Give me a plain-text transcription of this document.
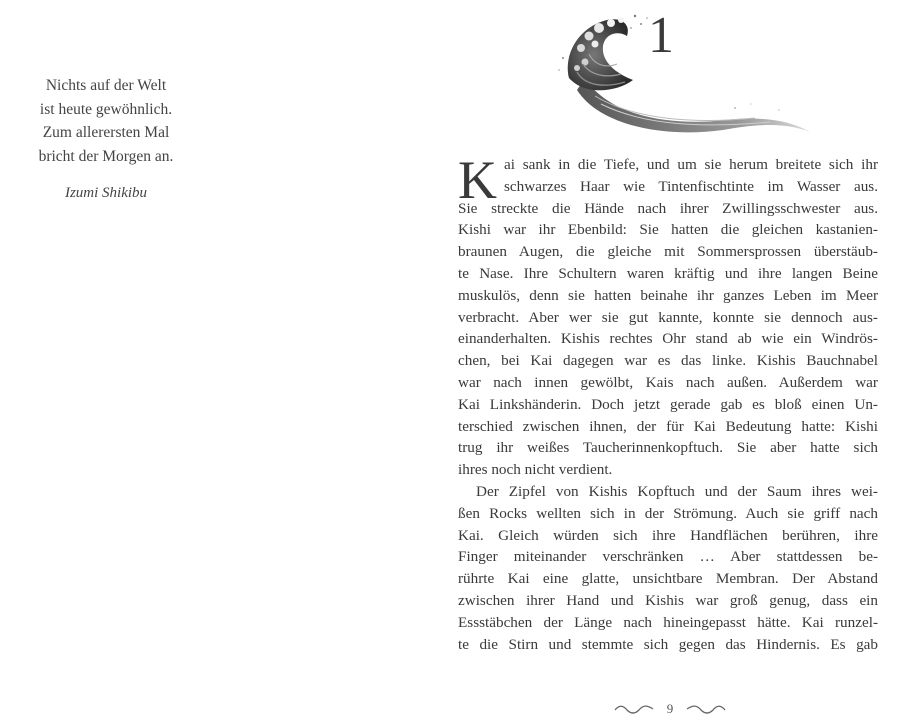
Nichts auf der Welt
ist heute gewöhnlich.
Zum allerersten Mal
bricht der Morgen an.
Izumi Shikibu
1
K ai sank in die Tiefe, und um sie herum breitete sich ihr
schwarzes Haar wie Tintenfischtinte im Wasser aus.
Sie streckte die Hände nach ihrer Zwillingsschwester aus.
Kishi war ihr Ebenbild: Sie hatten die gleichen kastanien-
braunen Augen, die gleiche mit Sommersprossen überstäub-
te Nase. Ihre Schultern waren kräftig und ihre langen Beine
muskulös, denn sie hatten beinahe ihr ganzes Leben im Meer
verbracht. Aber wer sie gut kannte, konnte sie dennoch aus-
einanderhalten. Kishis rechtes Ohr stand ab wie ein Windrös-
chen, bei Kai dagegen war es das linke. Kishis Bauchnabel
war nach innen gewölbt, Kais nach außen. Außerdem war
Kai Linkshänderin. Doch jetzt gerade gab es bloß einen Un-
terschied zwischen ihnen, der für Kai Bedeutung hatte: Kishi
trug ihr weißes Taucherinnenkopftuch. Sie aber hatte sich
ihres noch nicht verdient.
Der Zipfel von Kishis Kopftuch und der Saum ihres wei-
ßen Rocks wellten sich in der Strömung. Auch sie griff nach
Kai. Gleich würden sich ihre Handflächen berühren, ihre
Finger miteinander verschränken … Aber stattdessen be-
rührte Kai eine glatte, unsichtbare Membran. Der Abstand
zwischen ihrer Hand und Kishis war groß genug, dass ein
Essstäbchen der Länge nach hineingepasst hätte. Kai runzel-
te die Stirn und stemmte sich gegen das Hindernis. Es gab
9
